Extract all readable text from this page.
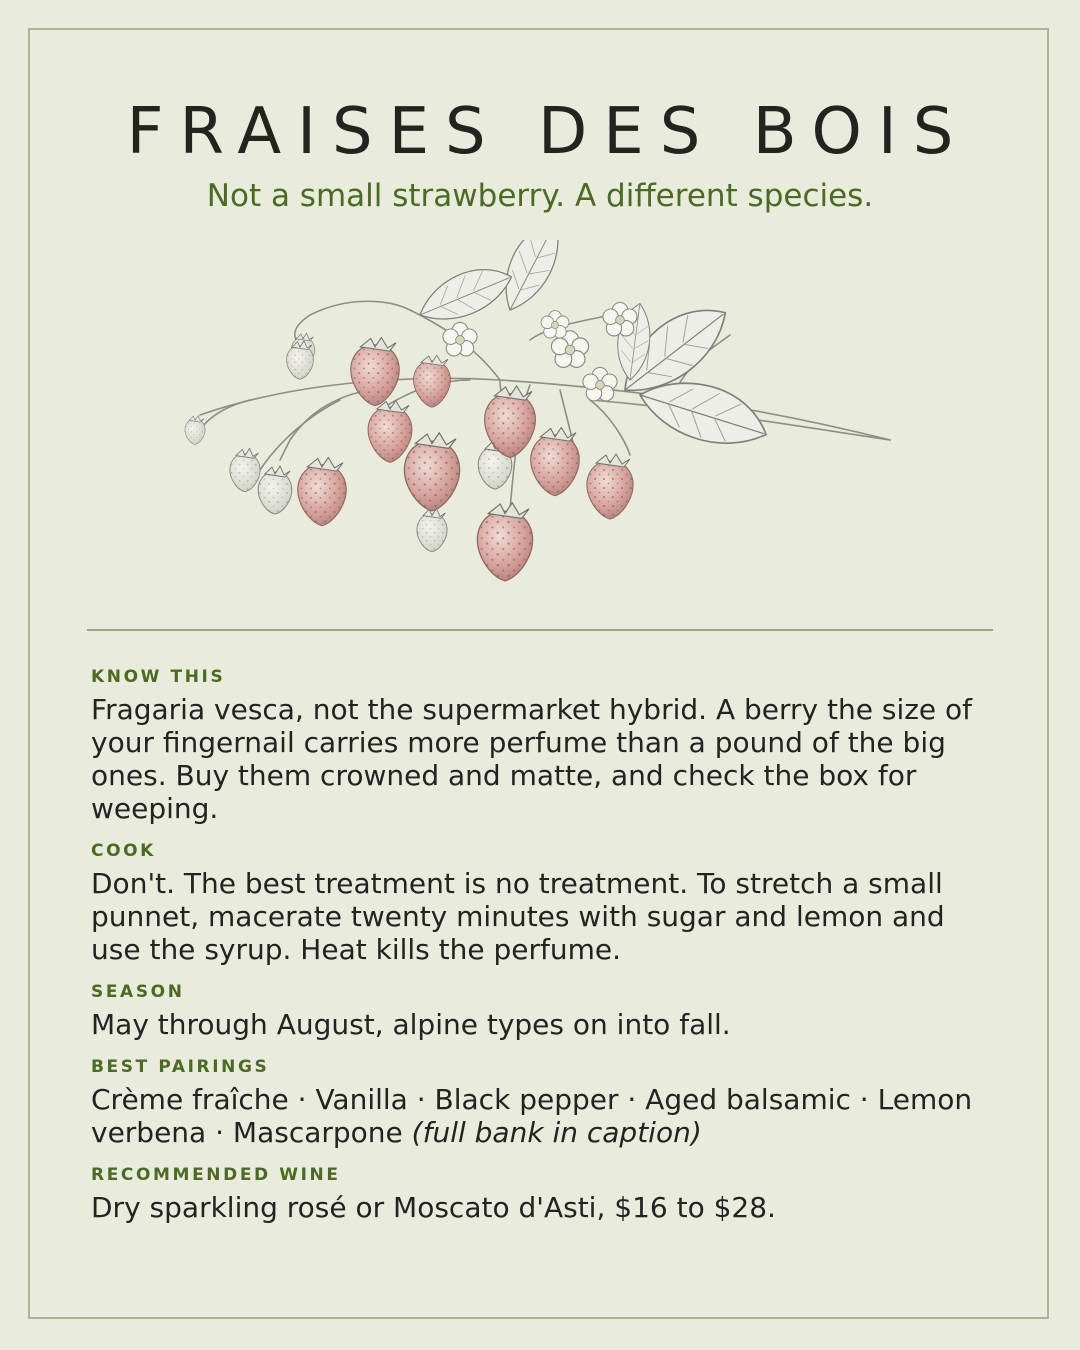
FRAISES DES BOIS
Not a small strawberry. A different species.
KNOW THIS
Fragaria vesca, not the supermarket hybrid. A berry the size of your fingernail carries more perfume than a pound of the big ones. Buy them crowned and matte, and check the box for weeping.
COOK
Don't. The best treatment is no treatment. To stretch a small punnet, macerate twenty minutes with sugar and lemon and use the syrup. Heat kills the perfume.
SEASON
May through August, alpine types on into fall.
BEST PAIRINGS
Crème fraîche · Vanilla · Black pepper · Aged balsamic · Lemon verbena · Mascarpone (full bank in caption)
RECOMMENDED WINE
Dry sparkling rosé or Moscato d'Asti, $16 to $28.
